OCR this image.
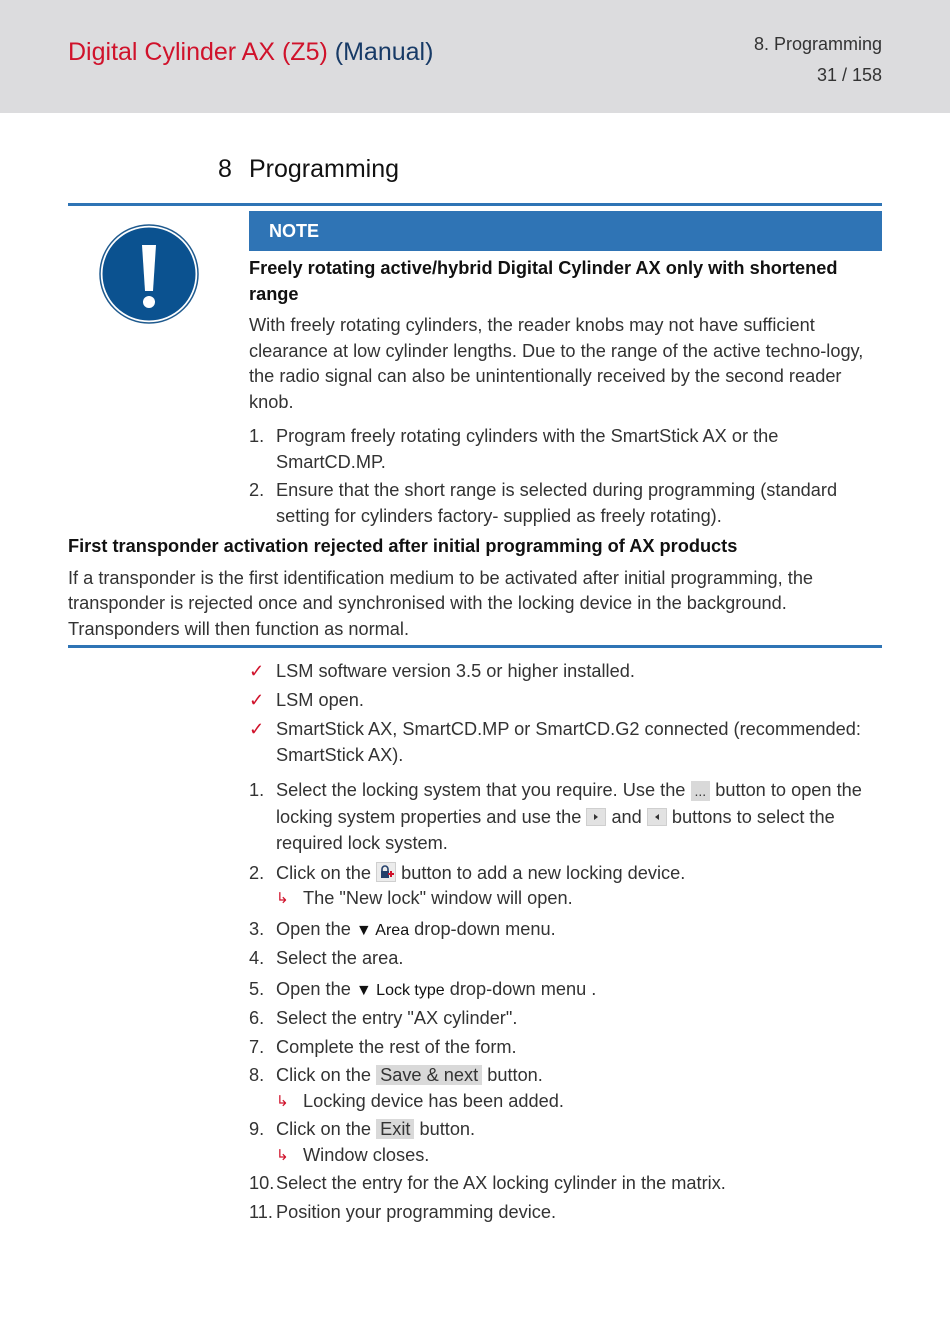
Digital Cylinder AX (Z5) (Manual)	8. Programming
31 / 158
8 Programming
NOTE
Freely rotating active/hybrid Digital Cylinder AX only with shortened range
With freely rotating cylinders, the reader knobs may not have sufficient clearance at low cylinder lengths. Due to the range of the active techno-logy, the radio signal can also be unintentionally received by the second reader knob.
1. Program freely rotating cylinders with the SmartStick AX or the SmartCD.MP.
2. Ensure that the short range is selected during programming (standard setting for cylinders factory- supplied as freely rotating).
First transponder activation rejected after initial programming of AX products
If a transponder is the first identification medium to be activated after initial programming, the transponder is rejected once and synchronised with the locking device in the background. Transponders will then function as normal.
✓ LSM software version 3.5 or higher installed.
✓ LSM open.
✓ SmartStick AX, SmartCD.MP or SmartCD.G2 connected (recommended: SmartStick AX).
1. Select the locking system that you require. Use the ... button to open the locking system properties and use the and buttons to select the required lock system.
2. Click on the button to add a new locking device.
↳ The "New lock" window will open.
3. Open the ▼ Area drop-down menu.
4. Select the area.
5. Open the ▼ Lock type drop-down menu .
6. Select the entry "AX cylinder".
7. Complete the rest of the form.
8. Click on the Save & next button.
↳ Locking device has been added.
9. Click on the Exit button.
↳ Window closes.
10. Select the entry for the AX locking cylinder in the matrix.
11. Position your programming device.
